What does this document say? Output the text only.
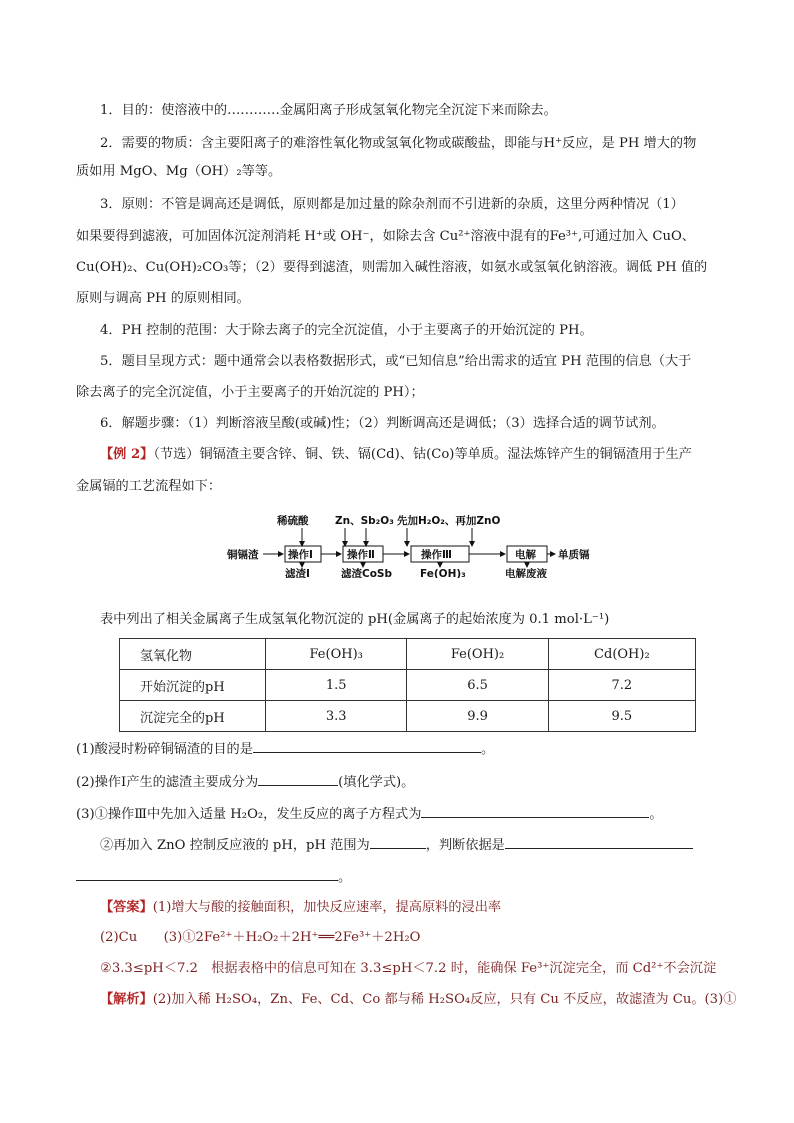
1．目的：使溶液中的…………金属阳离子形成氢氧化物完全沉淀下来而除去。
2．需要的物质：含主要阳离子的难溶性氧化物或氢氧化物或碳酸盐，即能与H⁺反应，是 PH 增大的物
质如用 MgO、Mg（OH）₂等等。
3．原则：不管是调高还是调低，原则都是加过量的除杂剂而不引进新的杂质，这里分两种情况（1）
如果要得到滤液，可加固体沉淀剂消耗 H⁺或 OH⁻，如除去含 Cu²⁺溶液中混有的Fe³⁺,可通过加入 CuO、
Cu(OH)₂、Cu(OH)₂CO₃等；（2）要得到滤渣，则需加入碱性溶液，如氨水或氢氧化钠溶液。调低 PH 值的
原则与调高 PH 的原则相同。
4．PH 控制的范围：大于除去离子的完全沉淀值，小于主要离子的开始沉淀的 PH。
5．题目呈现方式：题中通常会以表格数据形式，或“已知信息”给出需求的适宜 PH 范围的信息（大于
除去离子的完全沉淀值，小于主要离子的开始沉淀的 PH）；
6．解题步骤：（1）判断溶液呈酸(或碱)性；（2）判断调高还是调低；（3）选择合适的调节试剂。
【例 2】（节选）铜镉渣主要含锌、铜、铁、镉(Cd)、钴(Co)等单质。湿法炼锌产生的铜镉渣用于生产
金属镉的工艺流程如下：
稀硫酸	Zn、Sb₂O₃ 先加H₂O₂、再加ZnO
铜镉渣	操作Ⅰ	操作Ⅱ	操作Ⅲ	电解 单质镉
滤渣Ⅰ	滤渣CoSb	Fe(OH)₃	电解废液
表中列出了相关金属离子生成氢氧化物沉淀的 pH(金属离子的起始浓度为 0.1 mol·L⁻¹)
氢氧化物	Fe(OH)₃	Fe(OH)₂	Cd(OH)₂
开始沉淀的pH	1.5	6.5	7.2
沉淀完全的pH	3.3	9.9	9.5
(1)酸浸时粉碎铜镉渣的目的是	。
(2)操作Ⅰ产生的滤渣主要成分为	(填化学式)。
(3)①操作Ⅲ中先加入适量 H₂O₂，发生反应的离子方程式为	。
②再加入 ZnO 控制反应液的 pH，pH 范围为	，判断依据是
。
【答案】(1)增大与酸的接触面积，加快反应速率，提高原料的浸出率
(2)Cu　　(3)①2Fe²⁺＋H₂O₂＋2H⁺══2Fe³⁺＋2H₂O
②3.3≤pH＜7.2　根据表格中的信息可知在 3.3≤pH＜7.2 时，能确保 Fe³⁺沉淀完全，而 Cd²⁺不会沉淀
【解析】(2)加入稀 H₂SO₄，Zn、Fe、Cd、Co 都与稀 H₂SO₄反应，只有 Cu 不反应，故滤渣为 Cu。(3)①
